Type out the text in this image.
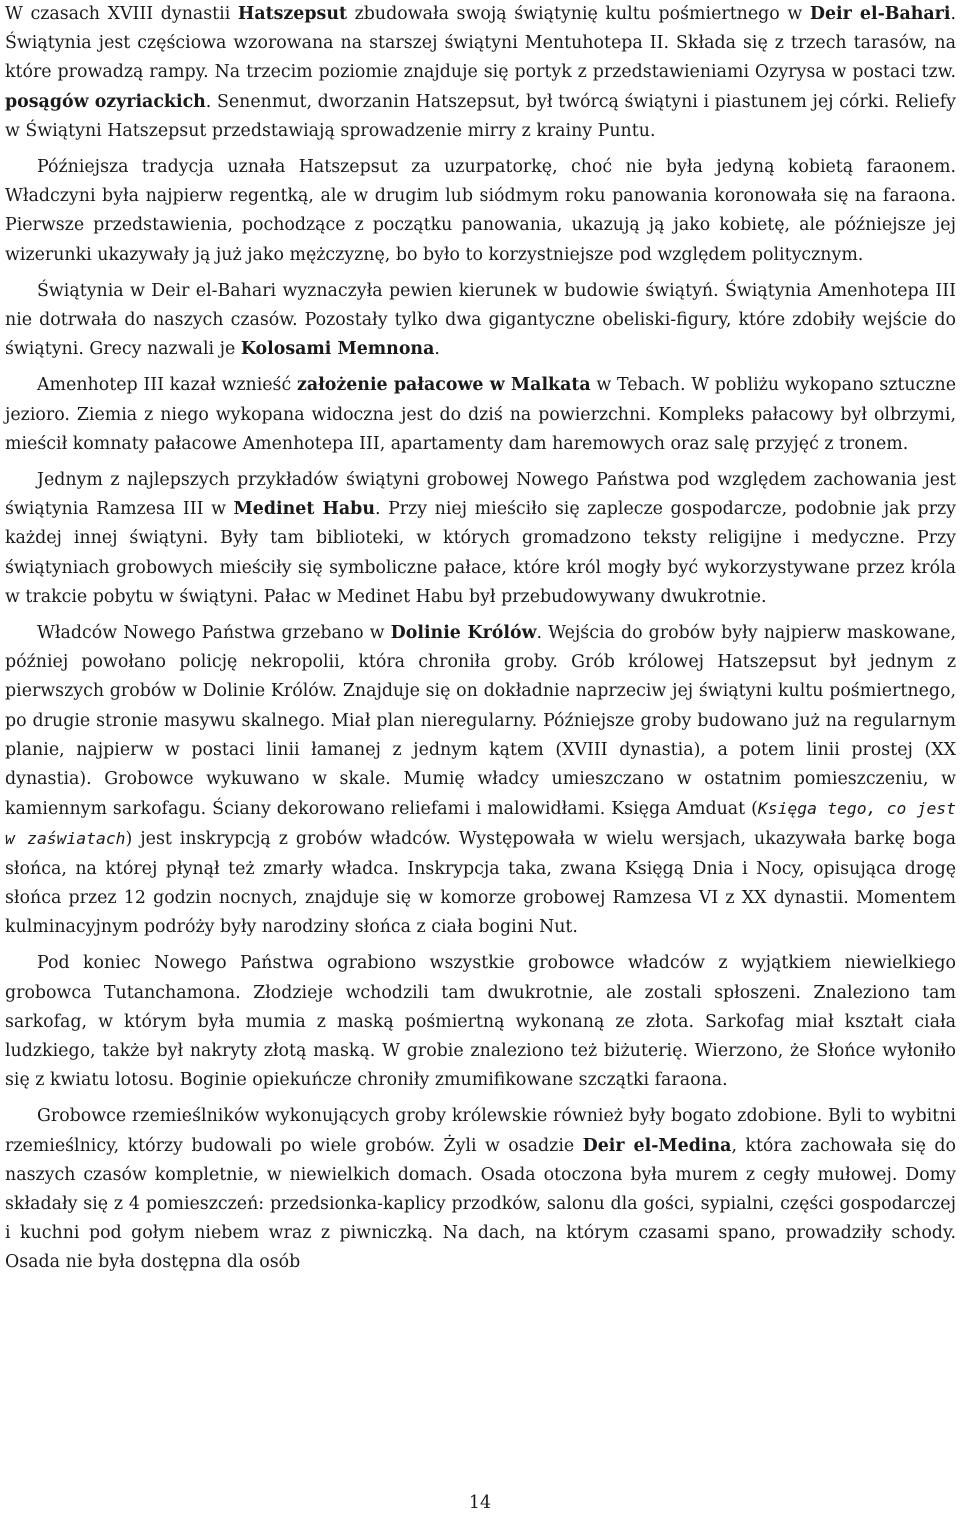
W czasach XVIII dynastii Hatszepsut zbudowała swoją świątynię kultu pośmiertnego w Deir el-Bahari. Świątynia jest częściowa wzorowana na starszej świątyni Mentuhotepa II. Składa się z trzech tarasów, na które prowadzą rampy. Na trzecim poziomie znajduje się portyk z przedstawieniami Ozyrysa w postaci tzw. posągów ozyriackich. Senenmut, dworzanin Hatszepsut, był twórcą świątyni i piastunem jej córki. Reliefy w Świątyni Hatszepsut przedstawiają sprowadzenie mirry z krainy Puntu.

Późniejsza tradycja uznała Hatszepsut za uzurpatorkę, choć nie była jedyną kobietą faraonem. Władczyni była najpierw regentką, ale w drugim lub siódmym roku panowania koronowała się na faraona. Pierwsze przedstawienia, pochodzące z początku panowania, ukazują ją jako kobietę, ale późniejsze jej wizerunki ukazywały ją już jako mężczyznę, bo było to korzystniejsze pod względem politycznym.

Świątynia w Deir el-Bahari wyznaczyła pewien kierunek w budowie świątyń. Świątynia Amenhotepa III nie dotrwała do naszych czasów. Pozostały tylko dwa gigantyczne obeliski-figury, które zdobiły wejście do świątyni. Grecy nazwali je Kolosami Memnona.

Amenhotep III kazał wznieść założenie pałacowe w Malkata w Tebach. W pobliżu wykopano sztuczne jezioro. Ziemia z niego wykopana widoczna jest do dziś na powierzchni. Kompleks pałacowy był olbrzymi, mieścił komnaty pałacowe Amenhotepa III, apartamenty dam haremowych oraz salę przyjęć z tronem.

Jednym z najlepszych przykładów świątyni grobowej Nowego Państwa pod względem zachowania jest świątynia Ramzesa III w Medinet Habu. Przy niej mieściło się zaplecze gospodarcze, podobnie jak przy każdej innej świątyni. Były tam biblioteki, w których gromadzono teksty religijne i medyczne. Przy świątyniach grobowych mieściły się symboliczne pałace, które król mogły być wykorzystywane przez króla w trakcie pobytu w świątyni. Pałac w Medinet Habu był przebudowywany dwukrotnie.

Władców Nowego Państwa grzebano w Dolinie Królów. Wejścia do grobów były najpierw maskowane, później powołano policję nekropolii, która chroniła groby. Grób królowej Hatszepsut był jednym z pierwszych grobów w Dolinie Królów. Znajduje się on dokładnie naprzeciw jej świątyni kultu pośmiertnego, po drugie stronie masywu skalnego. Miał plan nieregularny. Późniejsze groby budowano już na regularnym planie, najpierw w postaci linii łamanej z jednym kątem (XVIII dynastia), a potem linii prostej (XX dynastia). Grobowce wykuwano w skale. Mumię władcy umieszczano w ostatnim pomieszczeniu, w kamiennym sarkofagu. Ściany dekorowano reliefami i malowidłami. Księga Amduat (Księga tego, co jest w zaświatach) jest inskrypcją z grobów władców. Występowała w wielu wersjach, ukazywała barkę boga słońca, na której płynął też zmarły władca. Inskrypcja taka, zwana Księgą Dnia i Nocy, opisująca drogę słońca przez 12 godzin nocnych, znajduje się w komorze grobowej Ramzesa VI z XX dynastii. Momentem kulminacyjnym podróży były narodziny słońca z ciała bogini Nut.

Pod koniec Nowego Państwa ograbiono wszystkie grobowce władców z wyjątkiem niewielkiego grobowca Tutanchamona. Złodzieje wchodzili tam dwukrotnie, ale zostali spłoszeni. Znaleziono tam sarkofag, w którym była mumia z maską pośmiertną wykonaną ze złota. Sarkofag miał kształt ciała ludzkiego, także był nakryty złotą maską. W grobie znaleziono też biżuterię. Wierzono, że Słońce wyłoniło się z kwiatu lotosu. Boginie opiekuńcze chroniły zmumifikowane szczątki faraona.

Grobowce rzemieślników wykonujących groby królewskie również były bogato zdobione. Byli to wybitni rzemieślnicy, którzy budowali po wiele grobów. Żyli w osadzie Deir el-Medina, która zachowała się do naszych czasów kompletnie, w niewielkich domach. Osada otoczona była murem z cegły mułowej. Domy składały się z 4 pomieszczeń: przedsionka-kaplicy przodków, salonu dla gości, sypialni, części gospodarczej i kuchni pod gołym niebem wraz z piwniczką. Na dach, na którym czasami spano, prowadziły schody. Osada nie była dostępna dla osób

14
